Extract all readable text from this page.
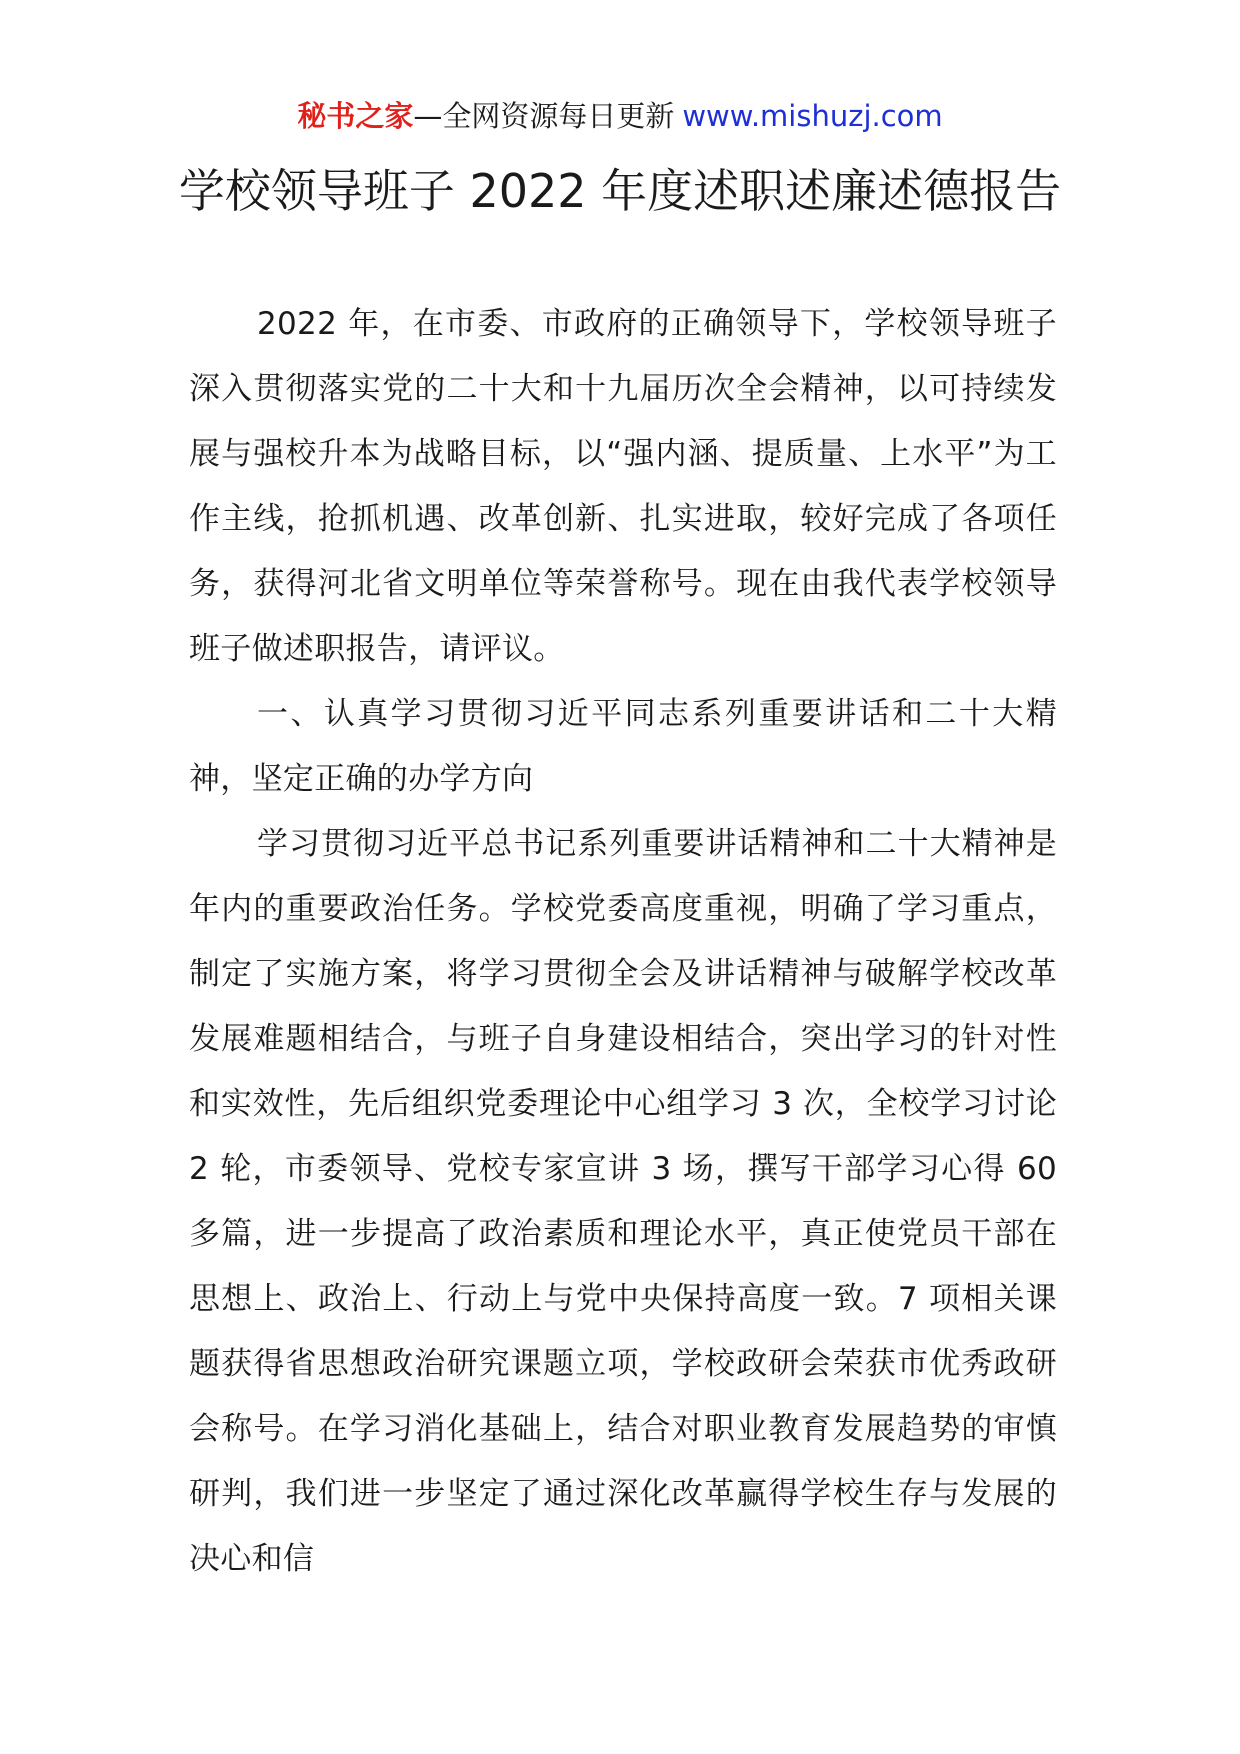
秘书之家—全网资源每日更新 www.mishuzj.com
学校领导班子 2022 年度述职述廉述德报告

2022 年，在市委、市政府的正确领导下，学校领导班子深入贯彻落实党的二十大和十九届历次全会精神，以可持续发展与强校升本为战略目标，以“强内涵、提质量、上水平”为工作主线，抢抓机遇、改革创新、扎实进取，较好完成了各项任务，获得河北省文明单位等荣誉称号。现在由我代表学校领导班子做述职报告，请评议。

一、认真学习贯彻习近平同志系列重要讲话和二十大精神，坚定正确的办学方向

学习贯彻习近平总书记系列重要讲话精神和二十大精神是年内的重要政治任务。学校党委高度重视，明确了学习重点，制定了实施方案，将学习贯彻全会及讲话精神与破解学校改革发展难题相结合，与班子自身建设相结合，突出学习的针对性和实效性，先后组织党委理论中心组学习 3 次，全校学习讨论 2 轮，市委领导、党校专家宣讲 3 场，撰写干部学习心得 60 多篇，进一步提高了政治素质和理论水平，真正使党员干部在思想上、政治上、行动上与党中央保持高度一致。7 项相关课题获得省思想政治研究课题立项，学校政研会荣获市优秀政研会称号。在学习消化基础上，结合对职业教育发展趋势的审慎研判，我们进一步坚定了通过深化改革赢得学校生存与发展的决心和信
